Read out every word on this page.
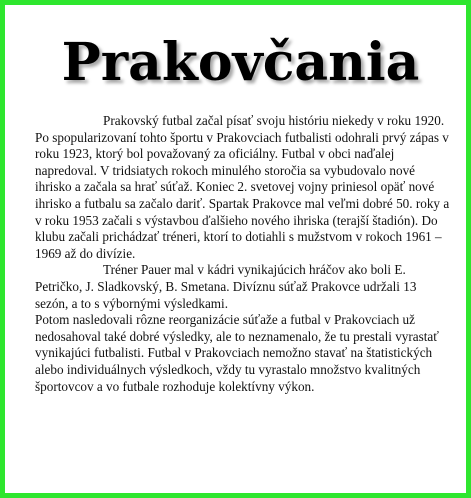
Prakovčania

Prakovský futbal začal písať svoju históriu niekedy v roku 1920. Po spopularizovaní tohto športu v Prakovciach futbalisti odohrali prvý zápas v roku 1923, ktorý bol považovaný za oficiálny. Futbal v obci naďalej napredoval. V tridsiatych rokoch minulého storočia sa vybudovalo nové ihrisko a začala sa hrať súťaž. Koniec 2. svetovej vojny priniesol opäť nové ihrisko a futbalu sa začalo dariť. Spartak Prakovce mal veľmi dobré 50. roky a v roku 1953 začali s výstavbou ďalšieho nového ihriska (terajší štadión). Do klubu začali prichádzať tréneri, ktorí to dotiahli s mužstvom v rokoch 1961 – 1969 až do divízie.

Tréner Pauer mal v kádri vynikajúcich hráčov ako boli E. Petričko, J. Sladkovský, B. Smetana. Divíznu súťaž Prakovce udržali 13 sezón, a to s výbornými výsledkami.

Potom nasledovali rôzne reorganizácie súťaže a futbal v Prakovciach už nedosahoval také dobré výsledky, ale to neznamenalo, že tu prestali vyrastať vynikajúci futbalisti. Futbal v Prakovciach nemožno stavať na štatistických alebo individuálnych výsledkoch, vždy tu vyrastalo množstvo kvalitných športovcov a vo futbale rozhoduje kolektívny výkon.
